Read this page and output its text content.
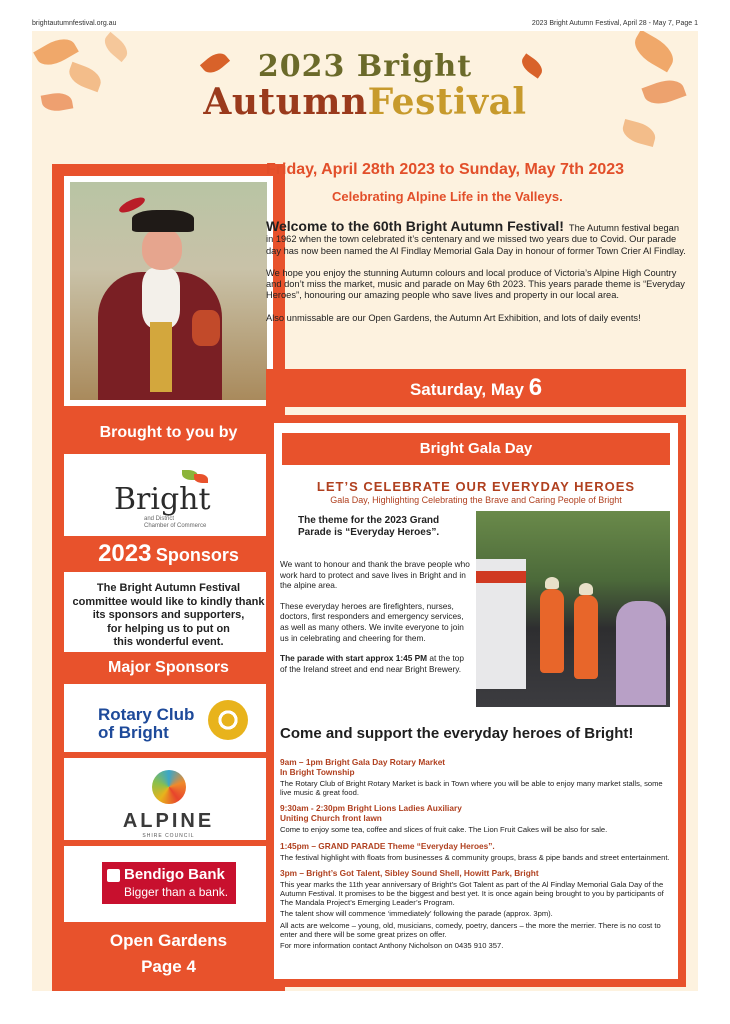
brightautumnfestival.org.au	2023 Bright Autumn Festival, April 28 - May 7, Page 1
2023 Bright
AutumnFestival
Brought to you by
Bright
and District
Chamber of Commerce
2023 Sponsors
The Bright Autumn Festival
committee would like to kindly thank
its sponsors and supporters,
for helping us to put on
this wonderful event.
Major Sponsors
Rotary Club
of Bright
ALPINE
SHIRE COUNCIL
Bendigo Bank
Bigger than a bank.
Open Gardens
Page 4
Friday, April 28th 2023 to Sunday, May 7th 2023
Celebrating Alpine Life in the Valleys.

Welcome to the 60th Bright Autumn Festival! The Autumn festival began in 1962 when the town celebrated it’s centenary and we missed two years due to Covid. Our parade day has now been named the Al Findlay Memorial Gala Day in honour of former Town Crier Al Findlay.

We hope you enjoy the stunning Autumn colours and local produce of Victoria’s Alpine High Country and don’t miss the market, music and parade on May 6th 2023. This years parade theme is “Everyday Heroes”, honouring our amazing people who save lives and property in our local area.

Also unmissable are our Open Gardens, the Autumn Art Exhibition, and lots of daily events!

Saturday, May 6
Bright Gala Day
LET’S CELEBRATE OUR EVERYDAY HEROES
Gala Day, Highlighting Celebrating the Brave and Caring People of Bright
The theme for the 2023 Grand
Parade is “Everyday Heroes”.

We want to honour and thank the brave people who work hard to protect and save lives in Bright and in the alpine area.

These everyday heroes are firefighters, nurses, doctors, first responders and emergency services, as well as many others. We invite everyone to join us in celebrating and cheering for them.

The parade with start approx 1:45 PM at the top of the Ireland street and end near Bright Brewery.

Come and support the everyday heroes of Bright!
9am – 1pm Bright Gala Day Rotary Market
In Bright Township

The Rotary Club of Bright Rotary Market is back in Town where you will be able to enjoy many market stalls, some live music & great food.

9:30am - 2:30pm Bright Lions Ladies Auxiliary
Uniting Church front lawn

Come to enjoy some tea, coffee and slices of fruit cake. The Lion Fruit Cakes will be also for sale.

1:45pm – GRAND PARADE Theme “Everyday Heroes”.

The festival highlight with floats from businesses & community groups, brass & pipe bands and street entertainment.

3pm – Bright’s Got Talent, Sibley Sound Shell, Howitt Park, Bright

This year marks the 11th year anniversary of Bright’s Got Talent as part of the Al Findlay Memorial Gala Day of the Autumn Festival. It promises to be the biggest and best yet. It is once again being brought to you by participants of The Mandala Project’s Emerging Leader’s Program.

The talent show will commence ‘immediately’ following the parade (approx. 3pm).

All acts are welcome – young, old, musicians, comedy, poetry, dancers – the more the merrier. There is no cost to enter and there will be some great prizes on offer.

For more information contact Anthony Nicholson on 0435 910 357.
